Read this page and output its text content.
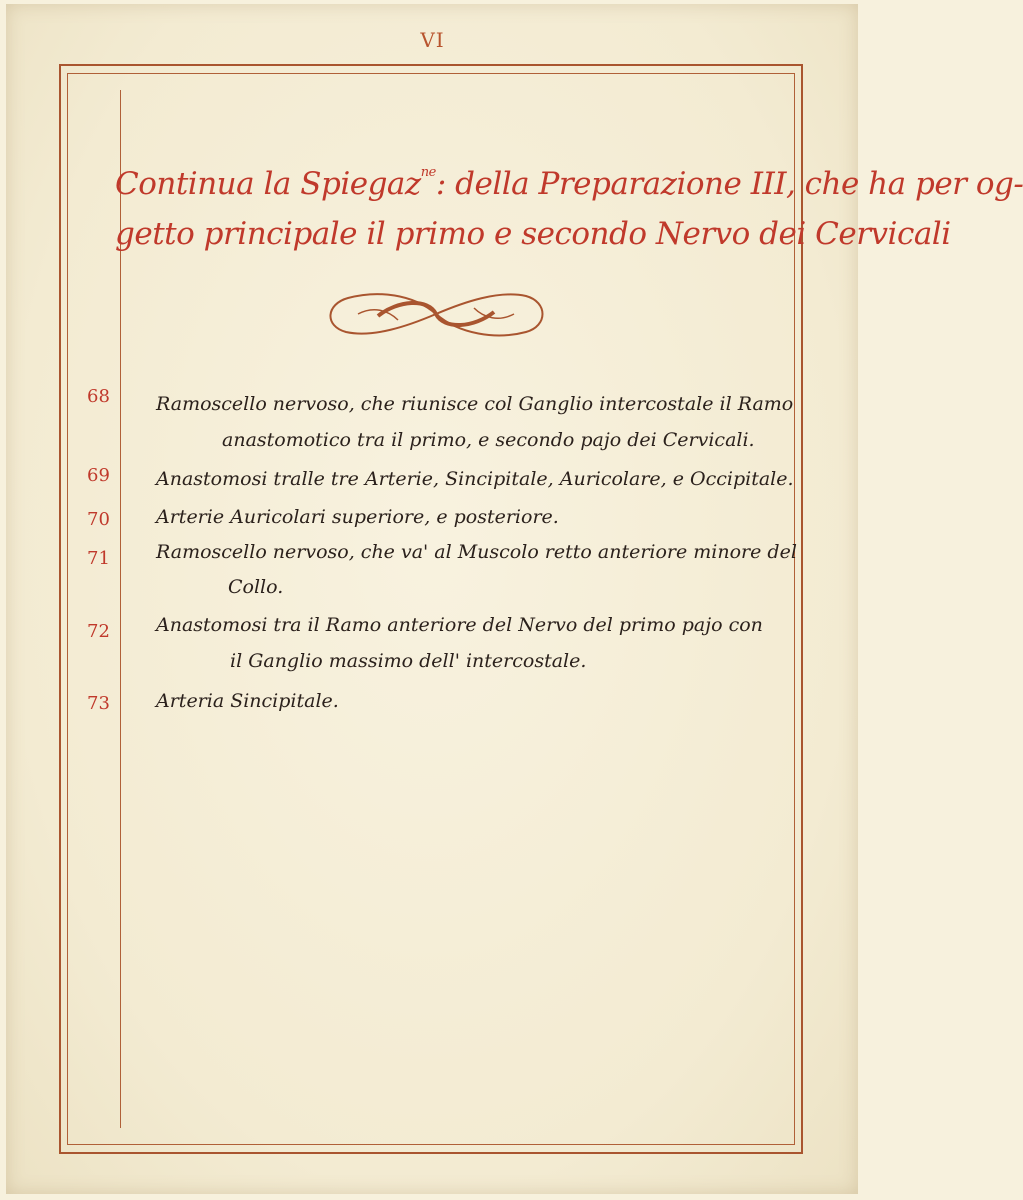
VI
Continua la Spiegaz$^{ne}$: della Preparazione III, che ha per og-
getto principale il primo e secondo Nervo dei Cervicali
68	Ramoscello nervoso, che riunisce col Ganglio intercostale il Ramo
anastomotico tra il primo, e secondo pajo dei Cervicali.
69	Anastomosi tralle tre Arterie, Sincipitale, Auricolare, e Occipitale.
70	Arterie Auricolari superiore, e posteriore.
71	Ramoscello nervoso, che va' al Muscolo retto anteriore minore del
Collo.
72	Anastomosi tra il Ramo anteriore del Nervo del primo pajo con
il Ganglio massimo dell' intercostale.
73	Arteria Sincipitale.
